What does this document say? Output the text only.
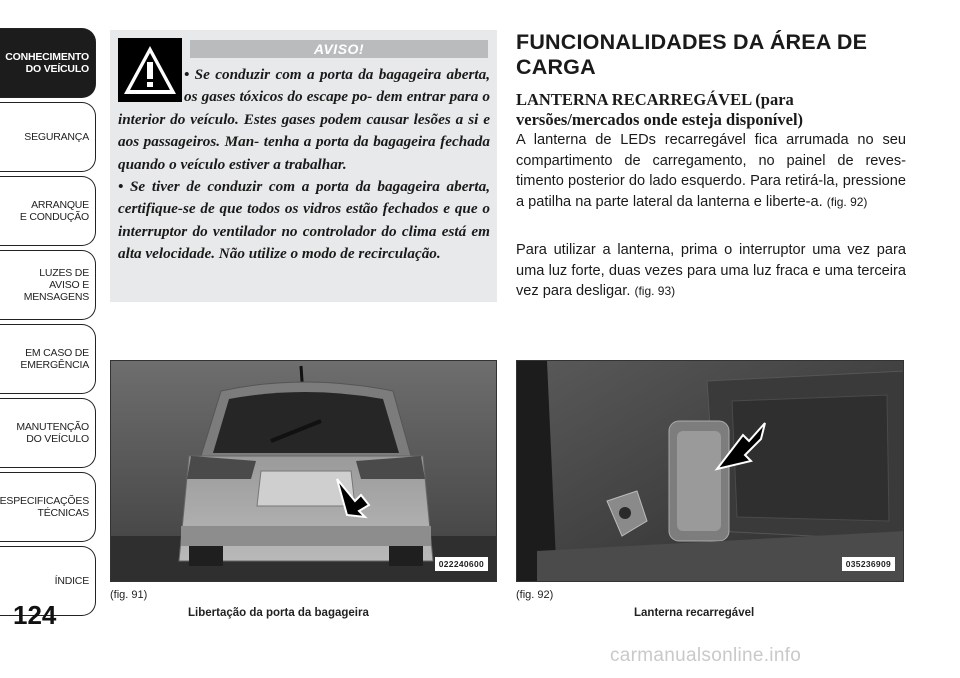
CONHECIMENTO
DO VEÍCULO
SEGURANÇA
ARRANQUE
E CONDUÇÃO
LUZES DE
AVISO E
MENSAGENS
EM CASO DE
EMERGÊNCIA
MANUTENÇÃO
DO VEÍCULO
ESPECIFICAÇÕES
TÉCNICAS
ÍNDICE
124
AVISO!

• Se conduzir com a porta da bagageira aberta, os gases tóxicos do escape po- dem entrar para o interior do veículo. Estes gases podem causar lesões a si e aos passageiros. Man- tenha a porta da bagageira fechada quando o veículo estiver a trabalhar.

• Se tiver de conduzir com a porta da bagageira aberta, certifique-se de que todos os vidros estão fechados e que o interruptor do ventilador no controlador do clima está em alta velocidade. Não utilize o modo de recirculação.

FUNCIONALIDADES DA ÁREA DE CARGA
LANTERNA RECARREGÁVEL (para versões/mercados onde esteja disponível)
A lanterna de LEDs recarregável fica arrumada no seu compartimento de carregamento, no painel de reves- timento posterior do lado esquerdo. Para retirá-la, pressione a patilha na parte lateral da lanterna e liberte-a. (fig. 92)
Para utilizar a lanterna, prima o interruptor uma vez para uma luz forte, duas vezes para uma luz fraca e uma terceira vez para desligar. (fig. 93)
022240600
(fig. 91)
Libertação da porta da bagageira
035236909
(fig. 92)
Lanterna recarregável
carmanualsonline.info
